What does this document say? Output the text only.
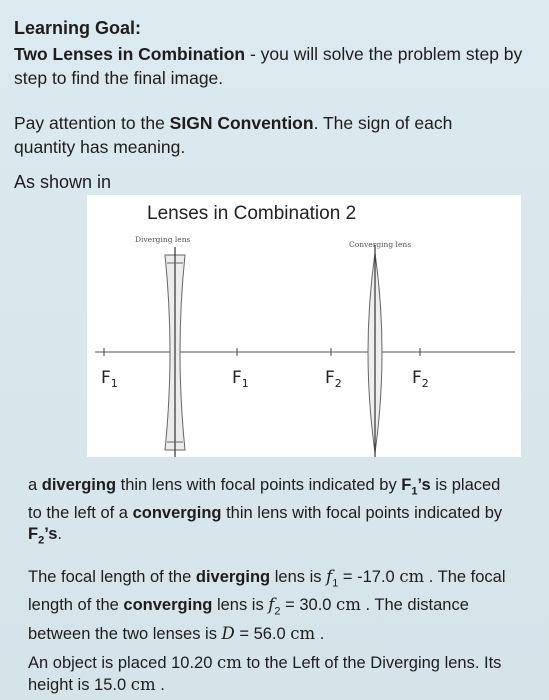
Learning Goal:
Two Lenses in Combination - you will solve the problem step by step to find the final image.
Pay attention to the SIGN Convention. The sign of each quantity has meaning.
As shown in
Lenses in Combination 2
Diverging lens
Converging lens
$F_1$	$F_1$	$F_2$	$F_2$
a diverging thin lens with focal points indicated by $F_1’s$ is placed to the left of a converging thin lens with focal points indicated by $F_2’s$.
The focal length of the diverging lens is $f_1 = -17.0$ cm . The focal length of the converging lens is $f_2 = 30.0$ cm . The distance between the two lenses is D = 56.0 cm .
An object is placed 10.20 cm to the Left of the Diverging lens. Its height is 15.0 cm .
